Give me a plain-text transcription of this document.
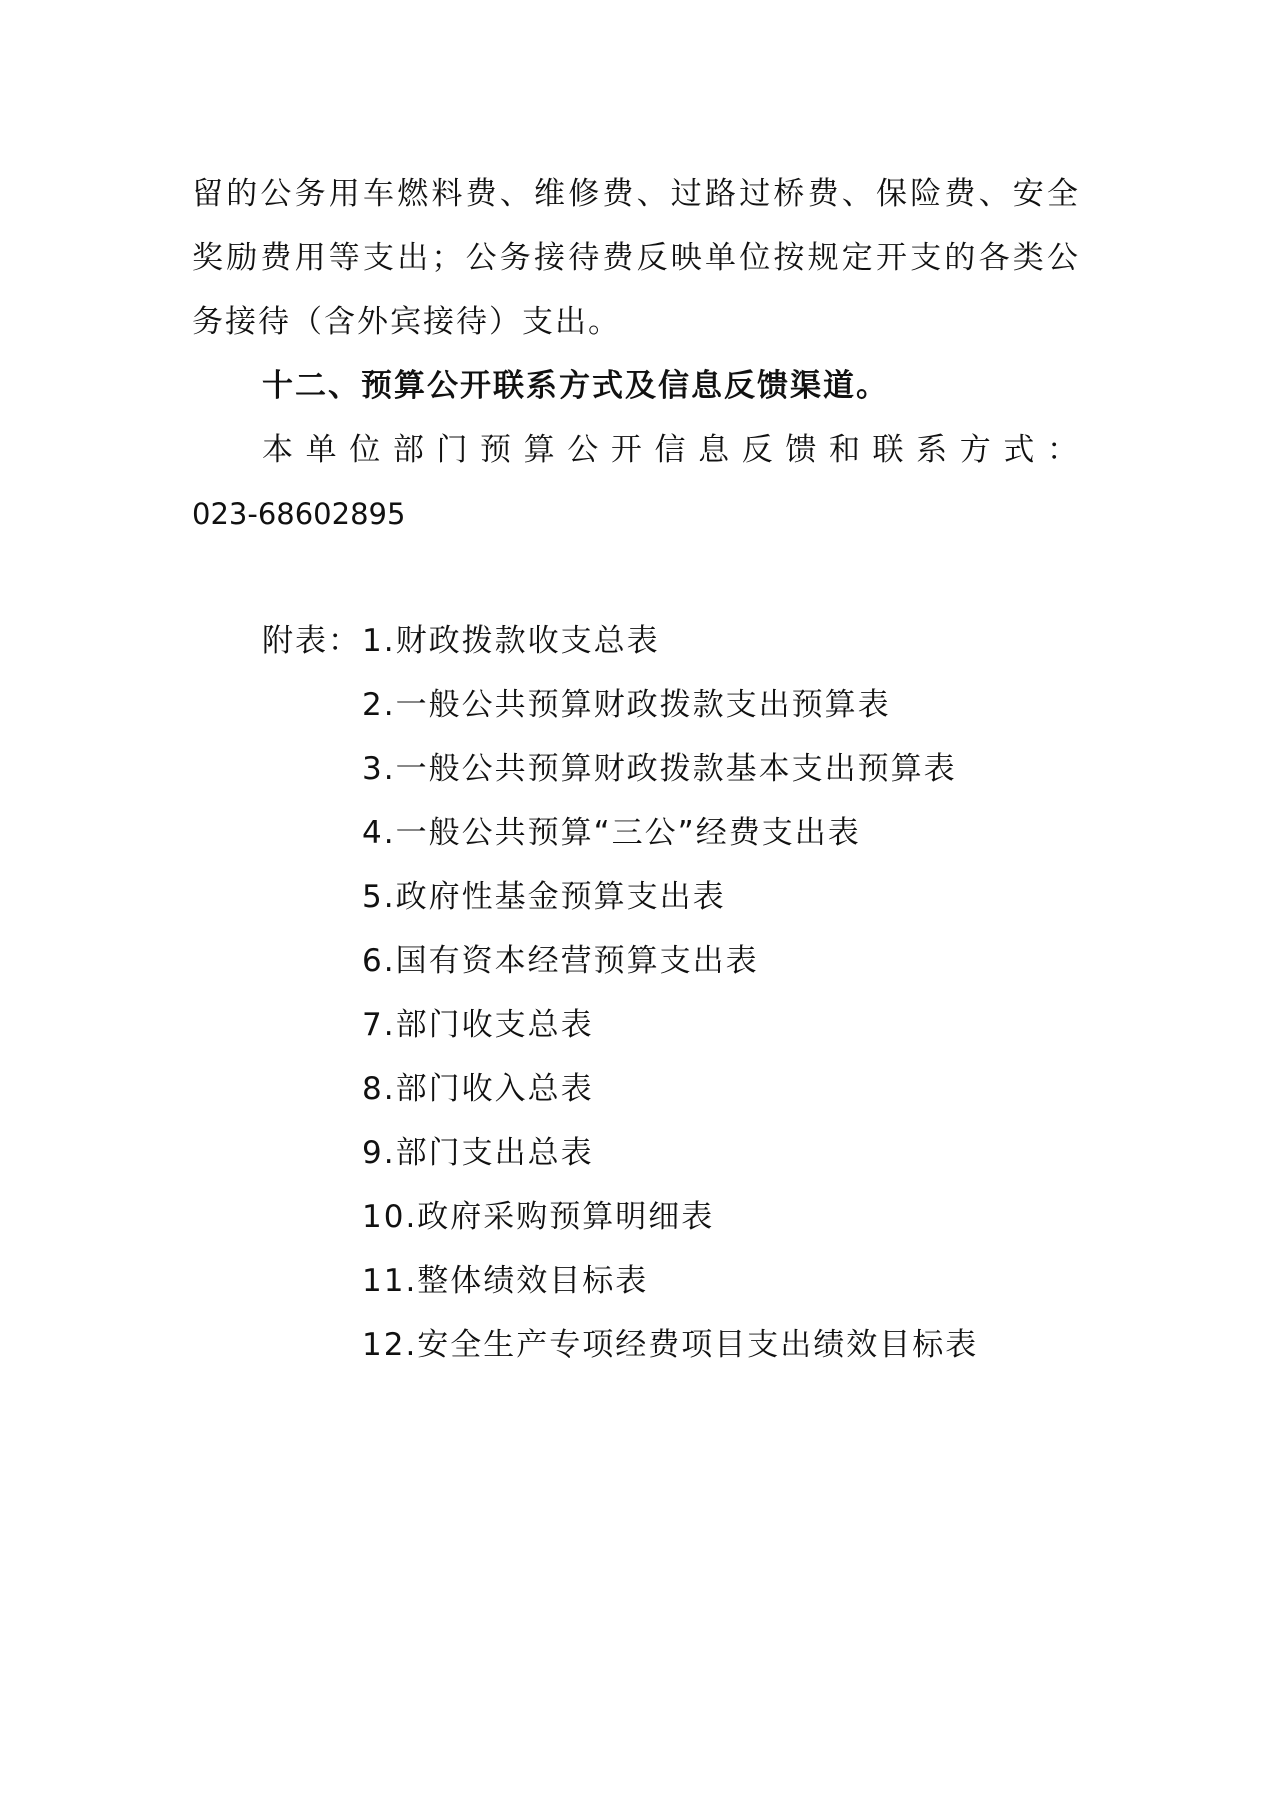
留的公务用车燃料费、维修费、过路过桥费、保险费、安全
奖励费用等支出；公务接待费反映单位按规定开支的各类公
务接待（含外宾接待）支出。
十二、预算公开联系方式及信息反馈渠道。
本单位部门预算公开信息反馈和联系方式：
023-68602895
附表： 1.财政拨款收支总表
2.一般公共预算财政拨款支出预算表
3.一般公共预算财政拨款基本支出预算表
4.一般公共预算“三公”经费支出表
5.政府性基金预算支出表
6.国有资本经营预算支出表
7.部门收支总表
8.部门收入总表
9.部门支出总表
10.政府采购预算明细表
11.整体绩效目标表
12.安全生产专项经费项目支出绩效目标表
